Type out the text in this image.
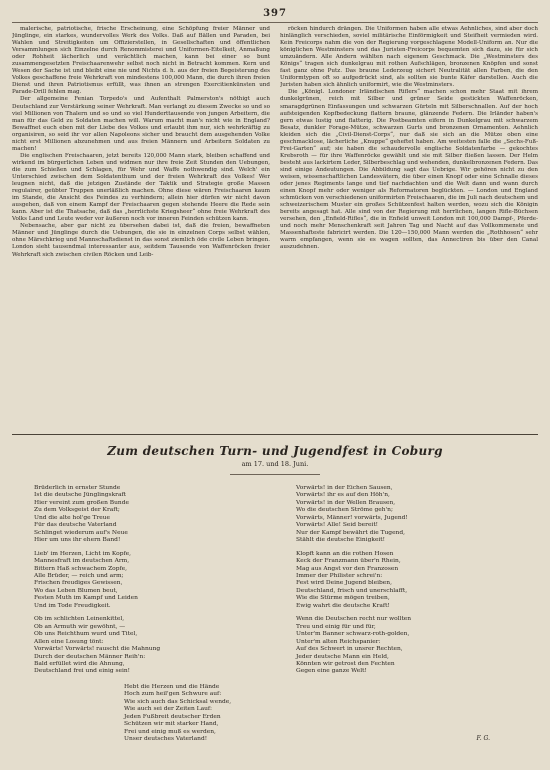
397

malerische, patriotische, frische Erscheinung, eine Schöpfung freier Männer und Jünglinge, ein starkes, wundervolles Werk des Volks. Daß auf Bällen und Paraden, bei Wahlen und Streitigkeiten um Offizierstellen, in Gesellschaften und öffentlichen Versammlungen sich Einzelne durch Renommisterei und Uniformen-Eitelkeit, Anmaßung oder Rohheit lächerlich und verächtlich machen, kann bei einer so bunt zusammengesetzten Freischaarenwehr selbst noch nicht in Betracht kommen. Kern und Wesen der Sache ist und bleibt eine nie und Nichts d. h. aus der freien Begeisterung des Volkes geschaffene freie Wehrkraft von mindestens 100,000 Mann, die durch ihren freien Dienst und ihren Patriotismus erfüllt, was ihnen an strengen Exercitienkünsten und Parade-Drill fehlen mag.

Der allgemeine Fenian Torpedo's und Aufenthalt Palmerston's nöthigt auch Deutschland zur Verstärkung seiner Wehrkraft. Man verlangt zu diesem Zwecke so und so viel Millionen von Thalern und so und so viel Hunderttausende von jungen Arbeitern, die man für das Geld zu Soldaten machen will. Warum macht man's nicht wie in England? Bewaffnet euch eben mit der Liebe des Volkes und erlaubt ihm nur, sich wehrkräftig zu organisiren, so seid ihr vor allen Napoleons sicher und braucht dem ausgehenden Volke nicht erst Millionen abzunehmen und aus freien Männern und Arbeitern Soldaten zu machen!

Die englischen Freischaaren, jetzt bereits 120,000 Mann stark, bleiben schaffend und wirkend im bürgerlichen Leben und widmen nur ihre freie Zeit Stunden den Uebungen, die zum Schießen und Schlagen, für Wehr und Waffe nothwendig sind. Welch' ein Unterschied zwischen dem Soldatenthum und der freien Wehrkraft des Volkes! Wer leugnen nicht, daß die jetzigen Zustände der Taktik und Strategie große Massen regulairer, geübter Truppen unerläßlich machen. Ohne diese wären Freischaaren kaum im Stande, die Ansicht des Feindes zu verhindern; allein hier dürfen wir nicht davon ausgehen, daß von einem Kampf der Freischaaren gegen stehende Heere die Rede sein kann. Aber ist die Thatsache, daß das „herrlichste Kriegsheer“ ohne freie Wehrkraft des Volks Land und Leute weder vor äußeren noch vor inneren Feinden schützen kann.

Nebensache, aber gar nicht zu übersehen dabei ist, daß die freien, bewaffneten Männer und Jünglinge durch die Uebungen, die sie in einzelnen Corps selbst wählen, ohne Märschkrieg und Mannschaftsdienst in das sonst ziemlich öde civile Leben bringen. London sieht tausendmal interessanter aus, seitdem Tausende von Waffenröcken freier Wehrkraft sich zwischen civilen Röcken und Leib-

röcken hindurch drängen. Die Uniformen haben alle etwas Aehnliches, sind aber doch hinlänglich verschieden, soviel militärische Einförmigkeit und Steifheit vermieden wird. Kein Freicorps nahm die von der Regierung vorgeschlagene Modell-Uniform an. Nur die königlichen Westminsters und das Juristen-Freicorps bequemten sich dazu, sie für sich umzuändern. Alle Andern wählten nach eigenem Geschmack. Die „Westminsters des Königs“ tragen sich dunkelgrau mit rothen Aufschlägen, bronzenen Knöpfen und sonst fast ganz ohne Putz. Das braune Lederzeug sichert Neutralität allen Farben, die den Uniformtypen oft so aufgedrückt sind, als sollten sie bunte Käfer darstellen. Auch die Juristen haben sich ähnlich uniformirt, wie die Westminsters.

Die „Königl. Londoner Irländischen Riflers“ machen schon mehr Staat mit ihrem dunkelgrünen, reich mit Silber und grüner Seide gestickten Waffenröcken, smaragdgrünen Einfassungen und schwarzen Gürteln mit Silberschnallen. Auf der hoch aufsteigenden Kopfbedeckung flattern braune, glänzende Federn. Die Irländer haben's gern etwas lustig und flatterig. Die Postbeamten eifern in Dunkelgrau mit schwarzem Besatz, dunkler Forage-Mütze, schwarzen Gurts und bronzenen Ornamenten. Aehnlich kleiden sich die „Civil-Dienst-Corps“, nur daß sie sich an die Mütze oben eine geschmacklose, lächerliche „Knuppe“ geheftet haben. Am weitesten falle die „Sechs-Fuß-Frei-Garten“ auf; sie haben die schaudervolle englische Soldatenfarbe — gekochtes Krebsroth — für ihre Waffenröcke gewählt und sie mit Silber fließen lassen. Der Helm besteht aus lackirtem Leder, Silberbeschlag und wehenden, dunkelbronzenen Federn. Das sind einige Andeutungen. Die Abbildung sagt das Uebrige. Wir gehören nicht zu den weisen, wissenschaftlichen Landesvätern, die über einen Knopf oder eine Schnalle dieses oder jenes Regiments lange und tief nachdachten und die Welt dann und wann durch einen Knopf mehr oder weniger als Reformatoren beglückten. — London und England schmücken von verschiedenen uniformirten Freischaaren, die im Juli nach deutschem und schweizerischem Muster ein großes Schützenfest halten werden, wozu sich die Königin bereits angesagt hat. Alle sind von der Regierung mit herrlichen, langen Rifle-Büchsen versehen, den „Enfield-Rifles“, die in Enfield unweit London mit 100,000 Dampf-, Pferde- und noch mehr Menschenkraft seit Jahren Tag und Nacht auf das Vollkommenste und Massenhafteste fabricirt werden. Die 120—150,000 Mann werden die „Rothhosen“ sehr warm empfangen, wenn sie es wagen sollten, das Annectiren bis über den Canal auszudehnen.

Zum deutschen Turn- und Jugendfest in Coburg
am 17. und 18. Juni.
Brüderlich in ernster Stunde
Ist die deutsche Jünglingskraft
Hier vereint zum großen Bunde
Zu dem Volksgeist der Kraft;
Und die alte hol'ge Treue
Für das deutsche Vaterland
Schlinget wiederum auf's Neue
Hier um uns ihr ehern Band!
Lieb' im Herzen, Licht im Kopfe,
Mannesfraft im deutschen Arm,
Bittern Haß schwachem Zopfe,
Alle Brüder, — reich und arm;
Frischen freudiges Gewissen,
Wo das Leben Blumen beut,
Festen Muth im Kampf und Leiden
Und im Tode Freudigkeit.
Ob im schlichten Leinenkittel,
Ob an Armuth wir gewöhnt, —
Ob uns Reichthum wurd und Titel,
Allen eine Losung tönt:
Vorwärts! Vorwärts! rauscht die Mahnung
Durch der deutschen Männer Reih'n:
Bald erfüllet wird die Ahnung,
Deutschland frei und einig sein!
Vorwärts! in der Eichen Sausen,
Vorwärts! ihr es auf den Höh'n,
Vorwärts! in der Wellen Brausen,
Wo die deutschen Ströme geh'n;
Vorwärts, Männer! vorwärts, Jugend!
Vorwärts! Alle! Seid bereit!
Nur der Kampf bewährt die Tugend,
Stählt die deutsche Einigkeit!
Klopft kann an die rothen Hosen
Keck der Franzmann über'n Rhein,
Mag aus Angst vor den Franzosen
Immer der Philister schrei'n:
Fest wird Deine Jugend bleiben,
Deutschland, frisch und unerschlafft,
Wie die Stürme mögen treiben,
Ewig wahrt die deutsche Kraft!
Wenn die Deutschen recht nur wollten
Treu und einig für und für,
Unter'm Banner schwarz-roth-golden,
Unter'm alten Reichspanier:
Auf des Schwert in unsrer Rechten,
Jeder deutsche Mann ein Held,
Könnten wir getrost den Fechten
Gegen eine ganze Welt!
Hebt die Herzen und die Hände
Hoch zum heil'gen Schwure auf:
Wie sich auch das Schicksal wende,
Wie auch sei der Zeiten Lauf:
Jeden Fußbreit deutscher Erden
Schützen wir mit starker Hand,
Frei und einig muß es werden,
Unser deutsches Vaterland!	F. G.
